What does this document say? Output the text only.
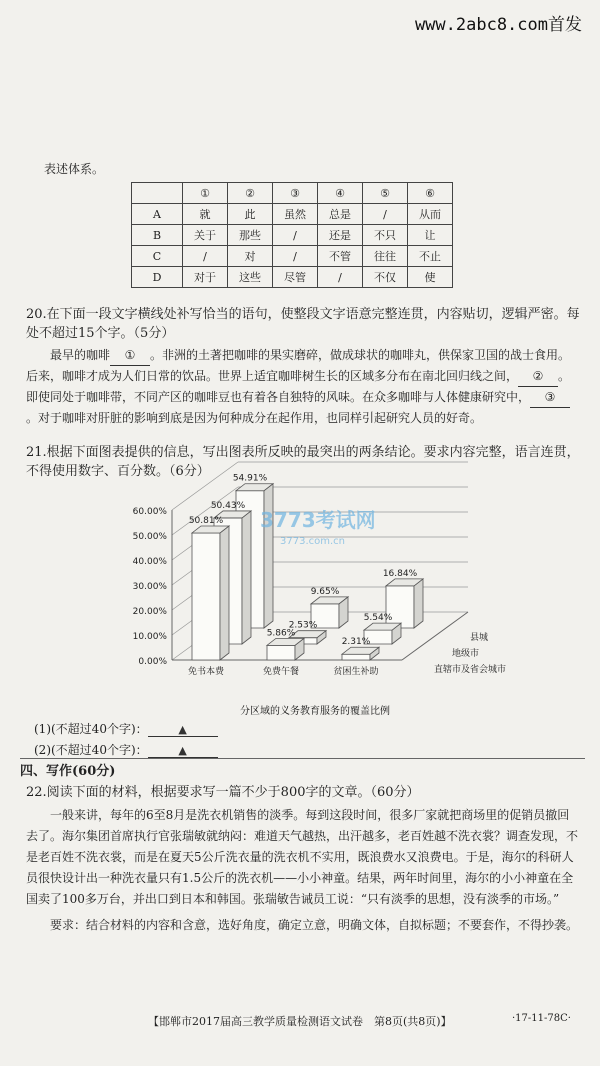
www.2abc8.com首发
表述体系。
	①	②	③	④	⑤	⑥
A	就	此	虽然	总是	/	从而
B	关于	那些	/	还是	不只	让
C	/	对	/	不管	往往	不止
D	对于	这些	尽管	/	不仅	使
20.在下面一段文字横线处补写恰当的语句，使整段文字语意完整连贯，内容贴切，逻辑严密。每处不超过15个字。（5分）
最早的咖啡 ① 。非洲的土著把咖啡的果实磨碎，做成球状的咖啡丸，供保家卫国的战士食用。后来，咖啡才成为人们日常的饮品。世界上适宜咖啡树生长的区域多分布在南北回归线之间， ② 。即使同处于咖啡带，不同产区的咖啡豆也有着各自独特的风味。在众多咖啡与人体健康研究中， ③。对于咖啡对肝脏的影响到底是因为何种成分在起作用，也同样引起研究人员的好奇。
21.根据下面图表提供的信息，写出图表所反映的最突出的两条结论。要求内容完整，语言连贯，不得使用数字、百分数。（6分）
60.00%
50.00%
40.00%
30.00%
20.00%
10.00%
0.00%
54.91%
9.65%
16.84%
50.43%
2.53%
5.54%
50.81%
5.86%
2.31%
免书本费	免费午餐	贫困生补助	直辖市及省会城市
地级市
县城
3773考试网
3773.com.cn
分区域的义务教育服务的覆盖比例
(1)(不超过40个字)：	▲
(2)(不超过40个字)：	▲
四、写作(60分)
22.阅读下面的材料，根据要求写一篇不少于800字的文章。（60分）
一般来讲，每年的6至8月是洗衣机销售的淡季。每到这段时间，很多厂家就把商场里的促销员撤回去了。海尔集团首席执行官张瑞敏就纳闷：难道天气越热，出汗越多，老百姓越不洗衣裳？调查发现，不是老百姓不洗衣裳，而是在夏天5公斤洗衣量的洗衣机不实用，既浪费水又浪费电。于是，海尔的科研人员很快设计出一种洗衣量只有1.5公斤的洗衣机——小小神童。结果，两年时间里，海尔的小小神童在全国卖了100多万台，并出口到日本和韩国。张瑞敏告诫员工说：“只有淡季的思想，没有淡季的市场。”
要求：结合材料的内容和含意，选好角度，确定立意，明确文体，自拟标题；不要套作，不得抄袭。
【邯郸市2017届高三教学质量检测语文试卷　第8页(共8页)】	·17-11-78C·
